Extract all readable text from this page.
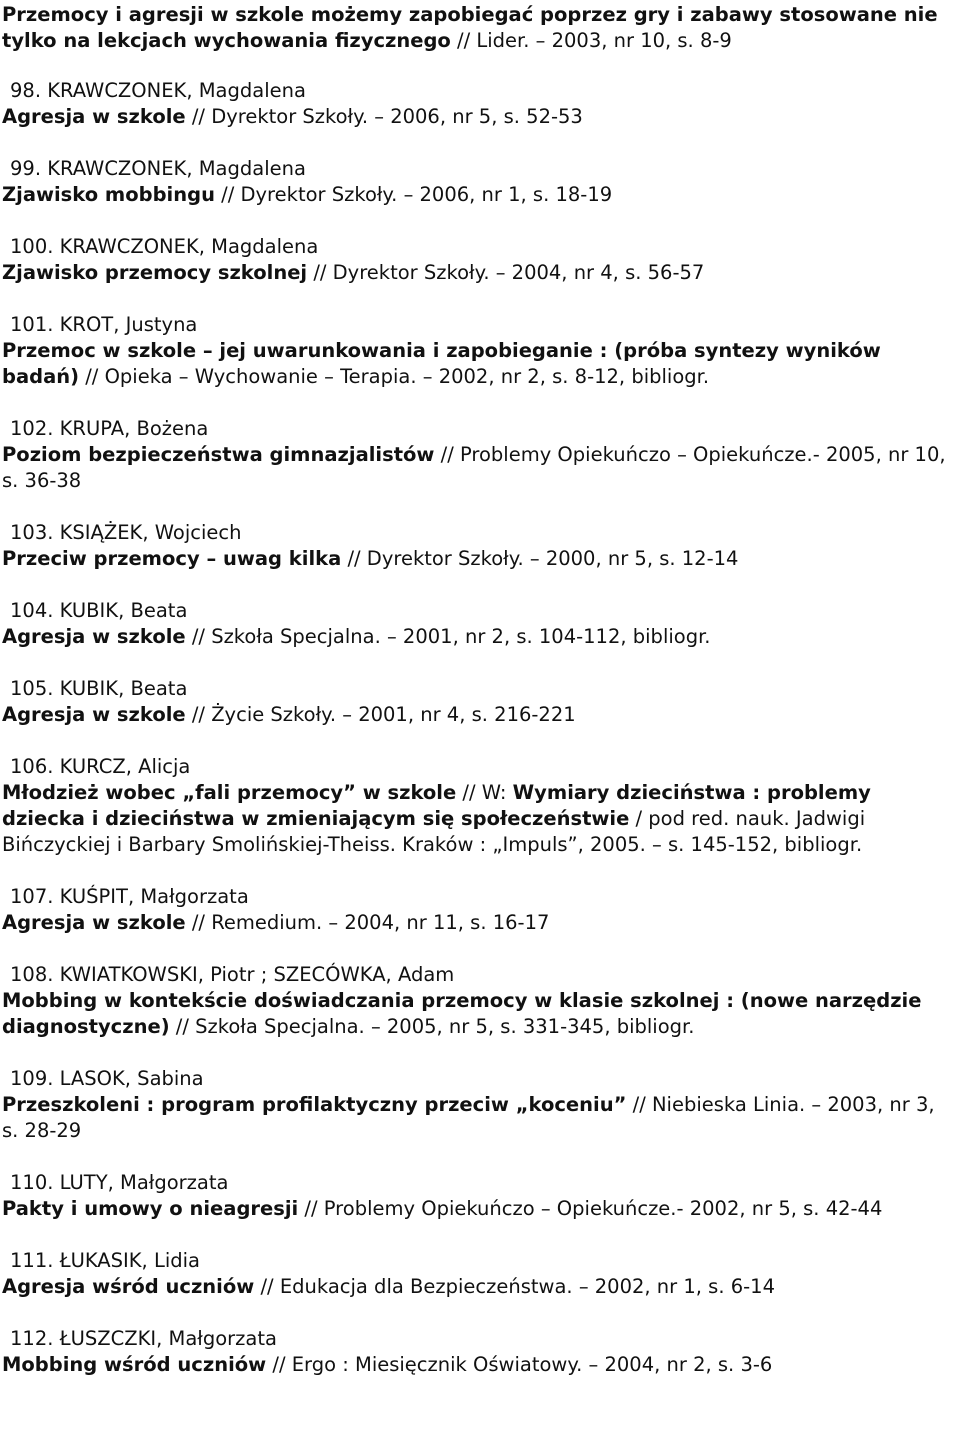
Przemocy i agresji w szkole możemy zapobiegać poprzez gry i zabawy stosowane nie tylko na lekcjach wychowania fizycznego // Lider. – 2003, nr 10, s. 8-9

98. KRAWCZONEK, Magdalena

Agresja w szkole // Dyrektor Szkoły. – 2006, nr 5, s. 52-53

99. KRAWCZONEK, Magdalena

Zjawisko mobbingu // Dyrektor Szkoły. – 2006, nr 1, s. 18-19

100. KRAWCZONEK, Magdalena

Zjawisko przemocy szkolnej // Dyrektor Szkoły. – 2004, nr 4, s. 56-57

101. KROT, Justyna

Przemoc w szkole – jej uwarunkowania i zapobieganie : (próba syntezy wyników badań) // Opieka – Wychowanie – Terapia. – 2002, nr 2, s. 8-12, bibliogr.

102. KRUPA, Bożena

Poziom bezpieczeństwa gimnazjalistów // Problemy Opiekuńczo – Opiekuńcze.- 2005, nr 10, s. 36-38

103. KSIĄŻEK, Wojciech

Przeciw przemocy – uwag kilka // Dyrektor Szkoły. – 2000, nr 5, s. 12-14

104. KUBIK, Beata

Agresja w szkole // Szkoła Specjalna. – 2001, nr 2, s. 104-112, bibliogr.

105. KUBIK, Beata

Agresja w szkole // Życie Szkoły. – 2001, nr 4, s. 216-221

106. KURCZ, Alicja

Młodzież wobec „fali przemocy” w szkole // W: Wymiary dzieciństwa : problemy dziecka i dzieciństwa w zmieniającym się społeczeństwie / pod red. nauk. Jadwigi Bińczyckiej i Barbary Smolińskiej-Theiss. Kraków : „Impuls”, 2005. – s. 145-152, bibliogr.

107. KUŚPIT, Małgorzata

Agresja w szkole // Remedium. – 2004, nr 11, s. 16-17

108. KWIATKOWSKI, Piotr ; SZECÓWKA, Adam

Mobbing w kontekście doświadczania przemocy w klasie szkolnej : (nowe narzędzie diagnostyczne) // Szkoła Specjalna. – 2005, nr 5, s. 331-345, bibliogr.

109. LASOK, Sabina

Przeszkoleni : program profilaktyczny przeciw „koceniu” // Niebieska Linia. – 2003, nr 3, s. 28-29

110. LUTY, Małgorzata

Pakty i umowy o nieagresji // Problemy Opiekuńczo – Opiekuńcze.- 2002, nr 5, s. 42-44

111. ŁUKASIK, Lidia

Agresja wśród uczniów // Edukacja dla Bezpieczeństwa. – 2002, nr 1, s. 6-14

112. ŁUSZCZKI, Małgorzata

Mobbing wśród uczniów // Ergo : Miesięcznik Oświatowy. – 2004, nr 2, s. 3-6
